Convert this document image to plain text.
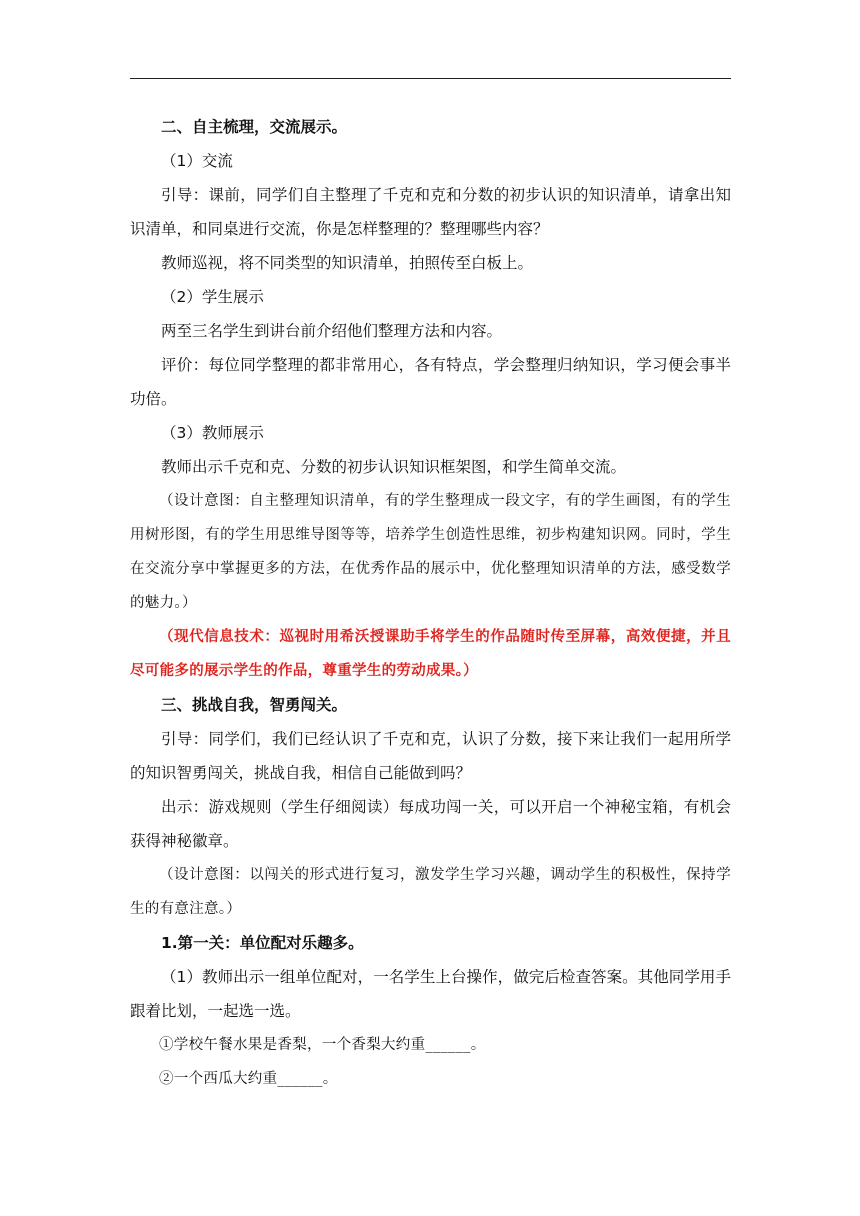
二、自主梳理，交流展示。

（1）交流

引导：课前，同学们自主整理了千克和克和分数的初步认识的知识清单，请拿出知识清单，和同桌进行交流，你是怎样整理的？整理哪些内容？

教师巡视，将不同类型的知识清单，拍照传至白板上。

（2）学生展示

两至三名学生到讲台前介绍他们整理方法和内容。

评价：每位同学整理的都非常用心，各有特点，学会整理归纳知识，学习便会事半功倍。

（3）教师展示

教师出示千克和克、分数的初步认识知识框架图，和学生简单交流。

（设计意图：自主整理知识清单，有的学生整理成一段文字，有的学生画图，有的学生用树形图，有的学生用思维导图等等，培养学生创造性思维，初步构建知识网。同时，学生在交流分享中掌握更多的方法，在优秀作品的展示中，优化整理知识清单的方法，感受数学的魅力。）

（现代信息技术：巡视时用希沃授课助手将学生的作品随时传至屏幕，高效便捷，并且尽可能多的展示学生的作品，尊重学生的劳动成果。）

三、挑战自我，智勇闯关。

引导：同学们，我们已经认识了千克和克，认识了分数，接下来让我们一起用所学的知识智勇闯关，挑战自我，相信自己能做到吗？

出示：游戏规则（学生仔细阅读）每成功闯一关，可以开启一个神秘宝箱，有机会获得神秘徽章。

（设计意图：以闯关的形式进行复习，激发学生学习兴趣，调动学生的积极性，保持学生的有意注意。）

1.第一关：单位配对乐趣多。

（1）教师出示一组单位配对，一名学生上台操作，做完后检查答案。其他同学用手跟着比划，一起选一选。

①学校午餐水果是香梨，一个香梨大约重______。

②一个西瓜大约重______。
